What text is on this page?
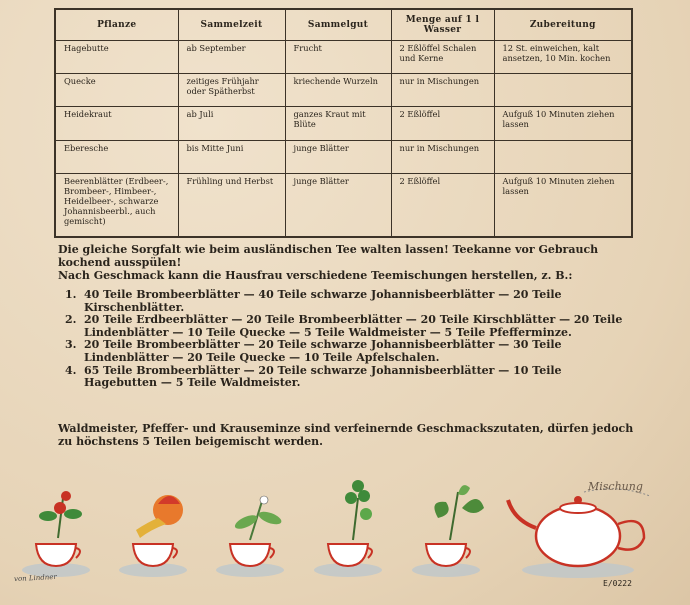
Pflanze	Sammelzeit	Sammelgut	Menge auf 1 l Wasser	Zubereitung
Hagebutte	ab September	Frucht	2 Eßlöffel Schalen und Kerne	12 St. einweichen, kalt ansetzen, 10 Min. kochen
Quecke	zeitiges Frühjahr oder Spätherbst	kriechende Wurzeln	nur in Mischungen	
Heidekraut	ab Juli	ganzes Kraut mit Blüte	2 Eßlöffel	Aufguß 10 Minuten ziehen lassen
Eberesche	bis Mitte Juni	junge Blätter	nur in Mischungen	
Beerenblätter (Erdbeer-, Brombeer-, Himbeer-, Heidelbeer-, schwarze Johannisbeerbl., auch gemischt)	Frühling und Herbst	junge Blätter	2 Eßlöffel	Aufguß 10 Minuten ziehen lassen

Die gleiche Sorgfalt wie beim ausländischen Tee walten lassen! Teekanne vor Gebrauch kochend ausspülen!

Nach Geschmack kann die Hausfrau verschiedene Teemischungen herstellen, z. B.:

1. 40 Teile Brombeerblätter — 40 Teile schwarze Johannisbeerblätter — 20 Teile Kirschenblätter.
2. 20 Teile Erdbeerblätter — 20 Teile Brombeerblätter — 20 Teile Kirschblätter — 20 Teile Lindenblätter — 10 Teile Quecke — 5 Teile Waldmeister — 5 Teile Pfefferminze.
3. 20 Teile Brombeerblätter — 20 Teile schwarze Johannisbeerblätter — 30 Teile Lindenblätter — 20 Teile Quecke — 10 Teile Apfelschalen.
4. 65 Teile Brombeerblätter — 20 Teile schwarze Johannisbeerblätter — 10 Teile Hagebutten — 5 Teile Waldmeister.

Waldmeister, Pfeffer- und Krauseminze sind verfeinernde Geschmackszutaten, dürfen jedoch zu höchstens 5 Teilen beigemischt werden.

Mischung
von Lindner
E/0222
